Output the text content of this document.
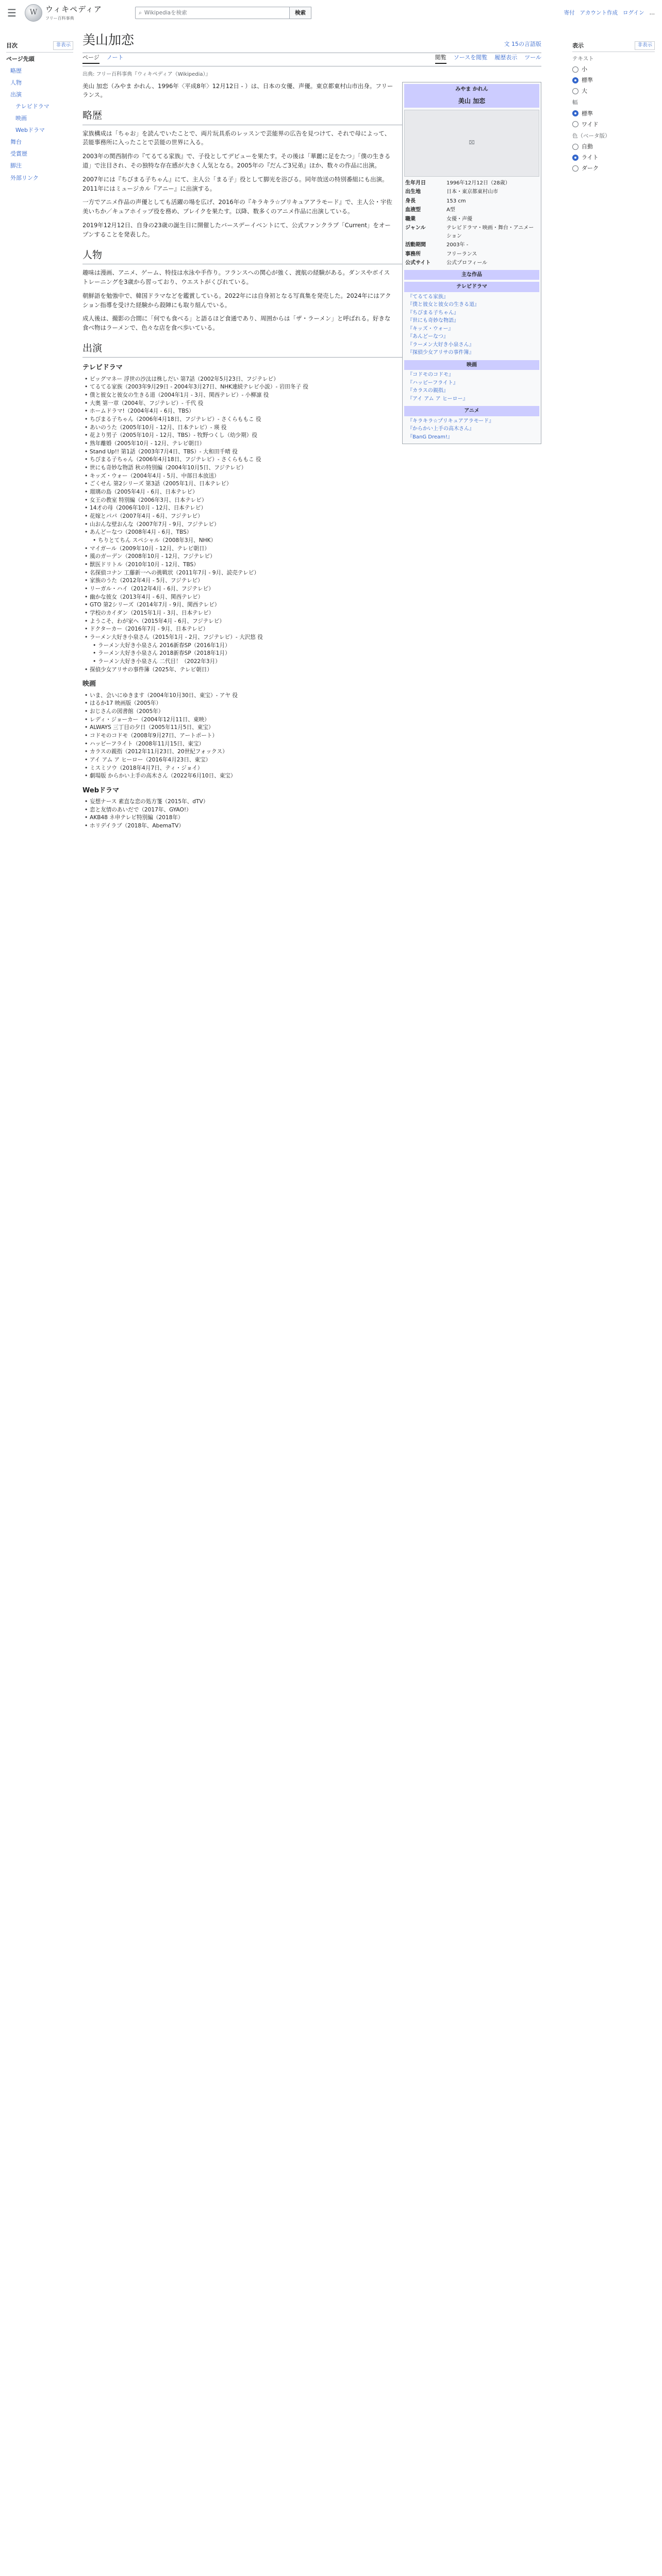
☰	W	ウィキペディア
フリー百科事典
⌕ Wikipediaを検索	検索	寄付 アカウント作成 ログイン …
目次	非表示
ページ先頭
略歴
人物
出演
テレビドラマ
映画
Webドラマ
舞台
受賞歴
脚注
外部リンク
美山加恋	文 15の言語版
ページ ノート	閲覧 ソースを閲覧 履歴表示 ツール
出典: フリー百科事典『ウィキペディア（Wikipedia）』
みやま かれん
美山 加恋
⌧
生年月日	1996年12月12日（28歳）
出生地	日本・東京都東村山市
身長	153 cm
血液型	A型
職業	女優・声優
ジャンル	テレビドラマ・映画・舞台・アニメーション
活動期間	2003年 -
事務所	フリーランス
公式サイト	公式プロフィール
主な作品
テレビドラマ
『てるてる家族』
『僕と彼女と彼女の生きる道』
『ちびまる子ちゃん』
『世にも奇妙な物語』
『キッズ・ウォー』
『あんどーなつ』
『ラーメン大好き小泉さん』
『探偵少女アリサの事件簿』
映画
『コドモのコドモ』
『ハッピーフライト』
『カラスの親指』
『アイ アム ア ヒーロー』
アニメ
『キラキラ☆プリキュアアラモード』
『からかい上手の高木さん』
『BanG Dream!』

美山 加恋（みやま かれん、1996年〈平成8年〉12月12日 - ）は、日本の女優、声優。東京都東村山市出身。フリーランス。

略歴

家族構成は「ちゃお」を読んでいたことで、両片玩具系のレッスンで芸能界の広告を見つけて、それで母によって、芸能事務所に入ったことで芸能の世界に入る。

2003年の関西制作の『てるてる家族』で、子役としてデビューを果たす。その後は「華麗に足をたつ」「僕の生きる道」で注目され、その独特な存在感が大きく人気となる。2005年の『だんご3兄弟』ほか、数々の作品に出演。

2007年には『ちびまる子ちゃん』にて、主人公「まる子」役として脚光を浴びる。同年放送の特別番組にも出演。2011年にはミュージカル『アニー』に出演する。

一方でアニメ作品の声優としても活躍の場を広げ、2016年の『キラキラ☆プリキュアアラモード』で、主人公・宇佐美いちか／キュアホイップ役を務め、ブレイクを果たす。以降、数多くのアニメ作品に出演している。

2019年12月12日、自身の23歳の誕生日に開催したバースデーイベントにて、公式ファンクラブ「Current」をオープンすることを発表した。

人物

趣味は漫画、アニメ、ゲーム、特技は水泳や手作り。フランスへの関心が強く、渡航の経験がある。ダンスやボイストレーニングを3歳から習っており、ウエストがくびれている。

朝鮮語を勉強中で、韓国ドラマなどを鑑賞している。2022年には自身初となる写真集を発売した。2024年にはアクション指導を受けた経験から殺陣にも取り組んでいる。

成人後は、撮影の合間に「何でも食べる」と語るほど食通であり、周囲からは「ザ・ラーメン」と呼ばれる。好きな食べ物はラーメンで、色々な店を食べ歩いている。

出演
テレビドラマ
• ビッグマネー 浮世の沙汰は株しだい 第7話（2002年5月23日、フジテレビ）
• てるてる家族（2003年9月29日 - 2004年3月27日、NHK連続テレビ小説）- 岩田冬子 役
• 僕と彼女と彼女の生きる道（2004年1月 - 3月、関西テレビ）- 小柳凛 役
• 大奥 第一章（2004年、フジテレビ）- 千代 役
• ホームドラマ!（2004年4月 - 6月、TBS）
• ちびまる子ちゃん（2006年4月18日、フジテレビ）- さくらももこ 役
• あいのうた（2005年10月 - 12月、日本テレビ）- 瑛 役
• 花より男子（2005年10月 - 12月、TBS）- 牧野つくし（幼少期）役
• 熟年離婚（2005年10月 - 12月、テレビ朝日）
• Stand Up!! 第1話（2003年7月4日、TBS）- 大和田千晴 役
• ちびまる子ちゃん（2006年4月18日、フジテレビ）- さくらももこ 役
• 世にも奇妙な物語 秋の特別編（2004年10月5日、フジテレビ）
• キッズ・ウォー（2004年4月 - 5月、中部日本放送）
• ごくせん 第2シリーズ 第3話（2005年1月、日本テレビ）
• 瑠璃の島（2005年4月 - 6月、日本テレビ）
• 女王の教室 特別編（2006年3月、日本テレビ）
• 14才の母（2006年10月 - 12月、日本テレビ）
• 花嫁とパパ（2007年4月 - 6月、フジテレビ）
• 山おんな壁おんな（2007年7月 - 9月、フジテレビ）
• あんどーなつ（2008年4月 - 6月、TBS）
• ちりとてちん スペシャル（2008年3月、NHK）
• マイガール（2009年10月 - 12月、テレビ朝日）
• 風のガーデン（2008年10月 - 12月、フジテレビ）
• 獣医ドリトル（2010年10月 - 12月、TBS）
• 名探偵コナン 工藤新一への挑戦状（2011年7月 - 9月、読売テレビ）
• 家族のうた（2012年4月 - 5月、フジテレビ）
• リーガル・ハイ（2012年4月 - 6月、フジテレビ）
• 幽かな彼女（2013年4月 - 6月、関西テレビ）
• GTO 第2シリーズ（2014年7月 - 9月、関西テレビ）
• 学校のカイダン（2015年1月 - 3月、日本テレビ）
• ようこそ、わが家へ（2015年4月 - 6月、フジテレビ）
• ドクターカー（2016年7月 - 9月、日本テレビ）
• ラーメン大好き小泉さん（2015年1月 - 2月、フジテレビ）- 大沢悠 役
• ラーメン大好き小泉さん 2016新春SP（2016年1月）
• ラーメン大好き小泉さん 2018新春SP（2018年1月）
• ラーメン大好き小泉さん 二代目！（2022年3月）
• 探偵少女アリサの事件簿（2025年、テレビ朝日）
映画
• いま、会いにゆきます（2004年10月30日、東宝）- アヤ 役
• はるか17 映画版（2005年）
• おじさんの図書館（2005年）
• レディ・ジョーカー（2004年12月11日、東映）
• ALWAYS 三丁目の夕日（2005年11月5日、東宝）
• コドモのコドモ（2008年9月27日、アートポート）
• ハッピーフライト（2008年11月15日、東宝）
• カラスの親指（2012年11月23日、20世紀フォックス）
• アイ アム ア ヒーロー（2016年4月23日、東宝）
• ミスミソウ（2018年4月7日、ティ・ジョイ）
• 劇場版 からかい上手の高木さん（2022年6月10日、東宝）
Webドラマ
• 妄想ナース 素直な恋の処方箋（2015年、dTV）
• 恋と友情のあいだで（2017年、GYAO!）
• AKB48 ネ申テレビ特別編（2018年）
• ホリデイラブ（2018年、AbemaTV）
表示	非表示
テキスト
小
標準
大
幅
標準
ワイド
色（ベータ版）
自動
ライト
ダーク
